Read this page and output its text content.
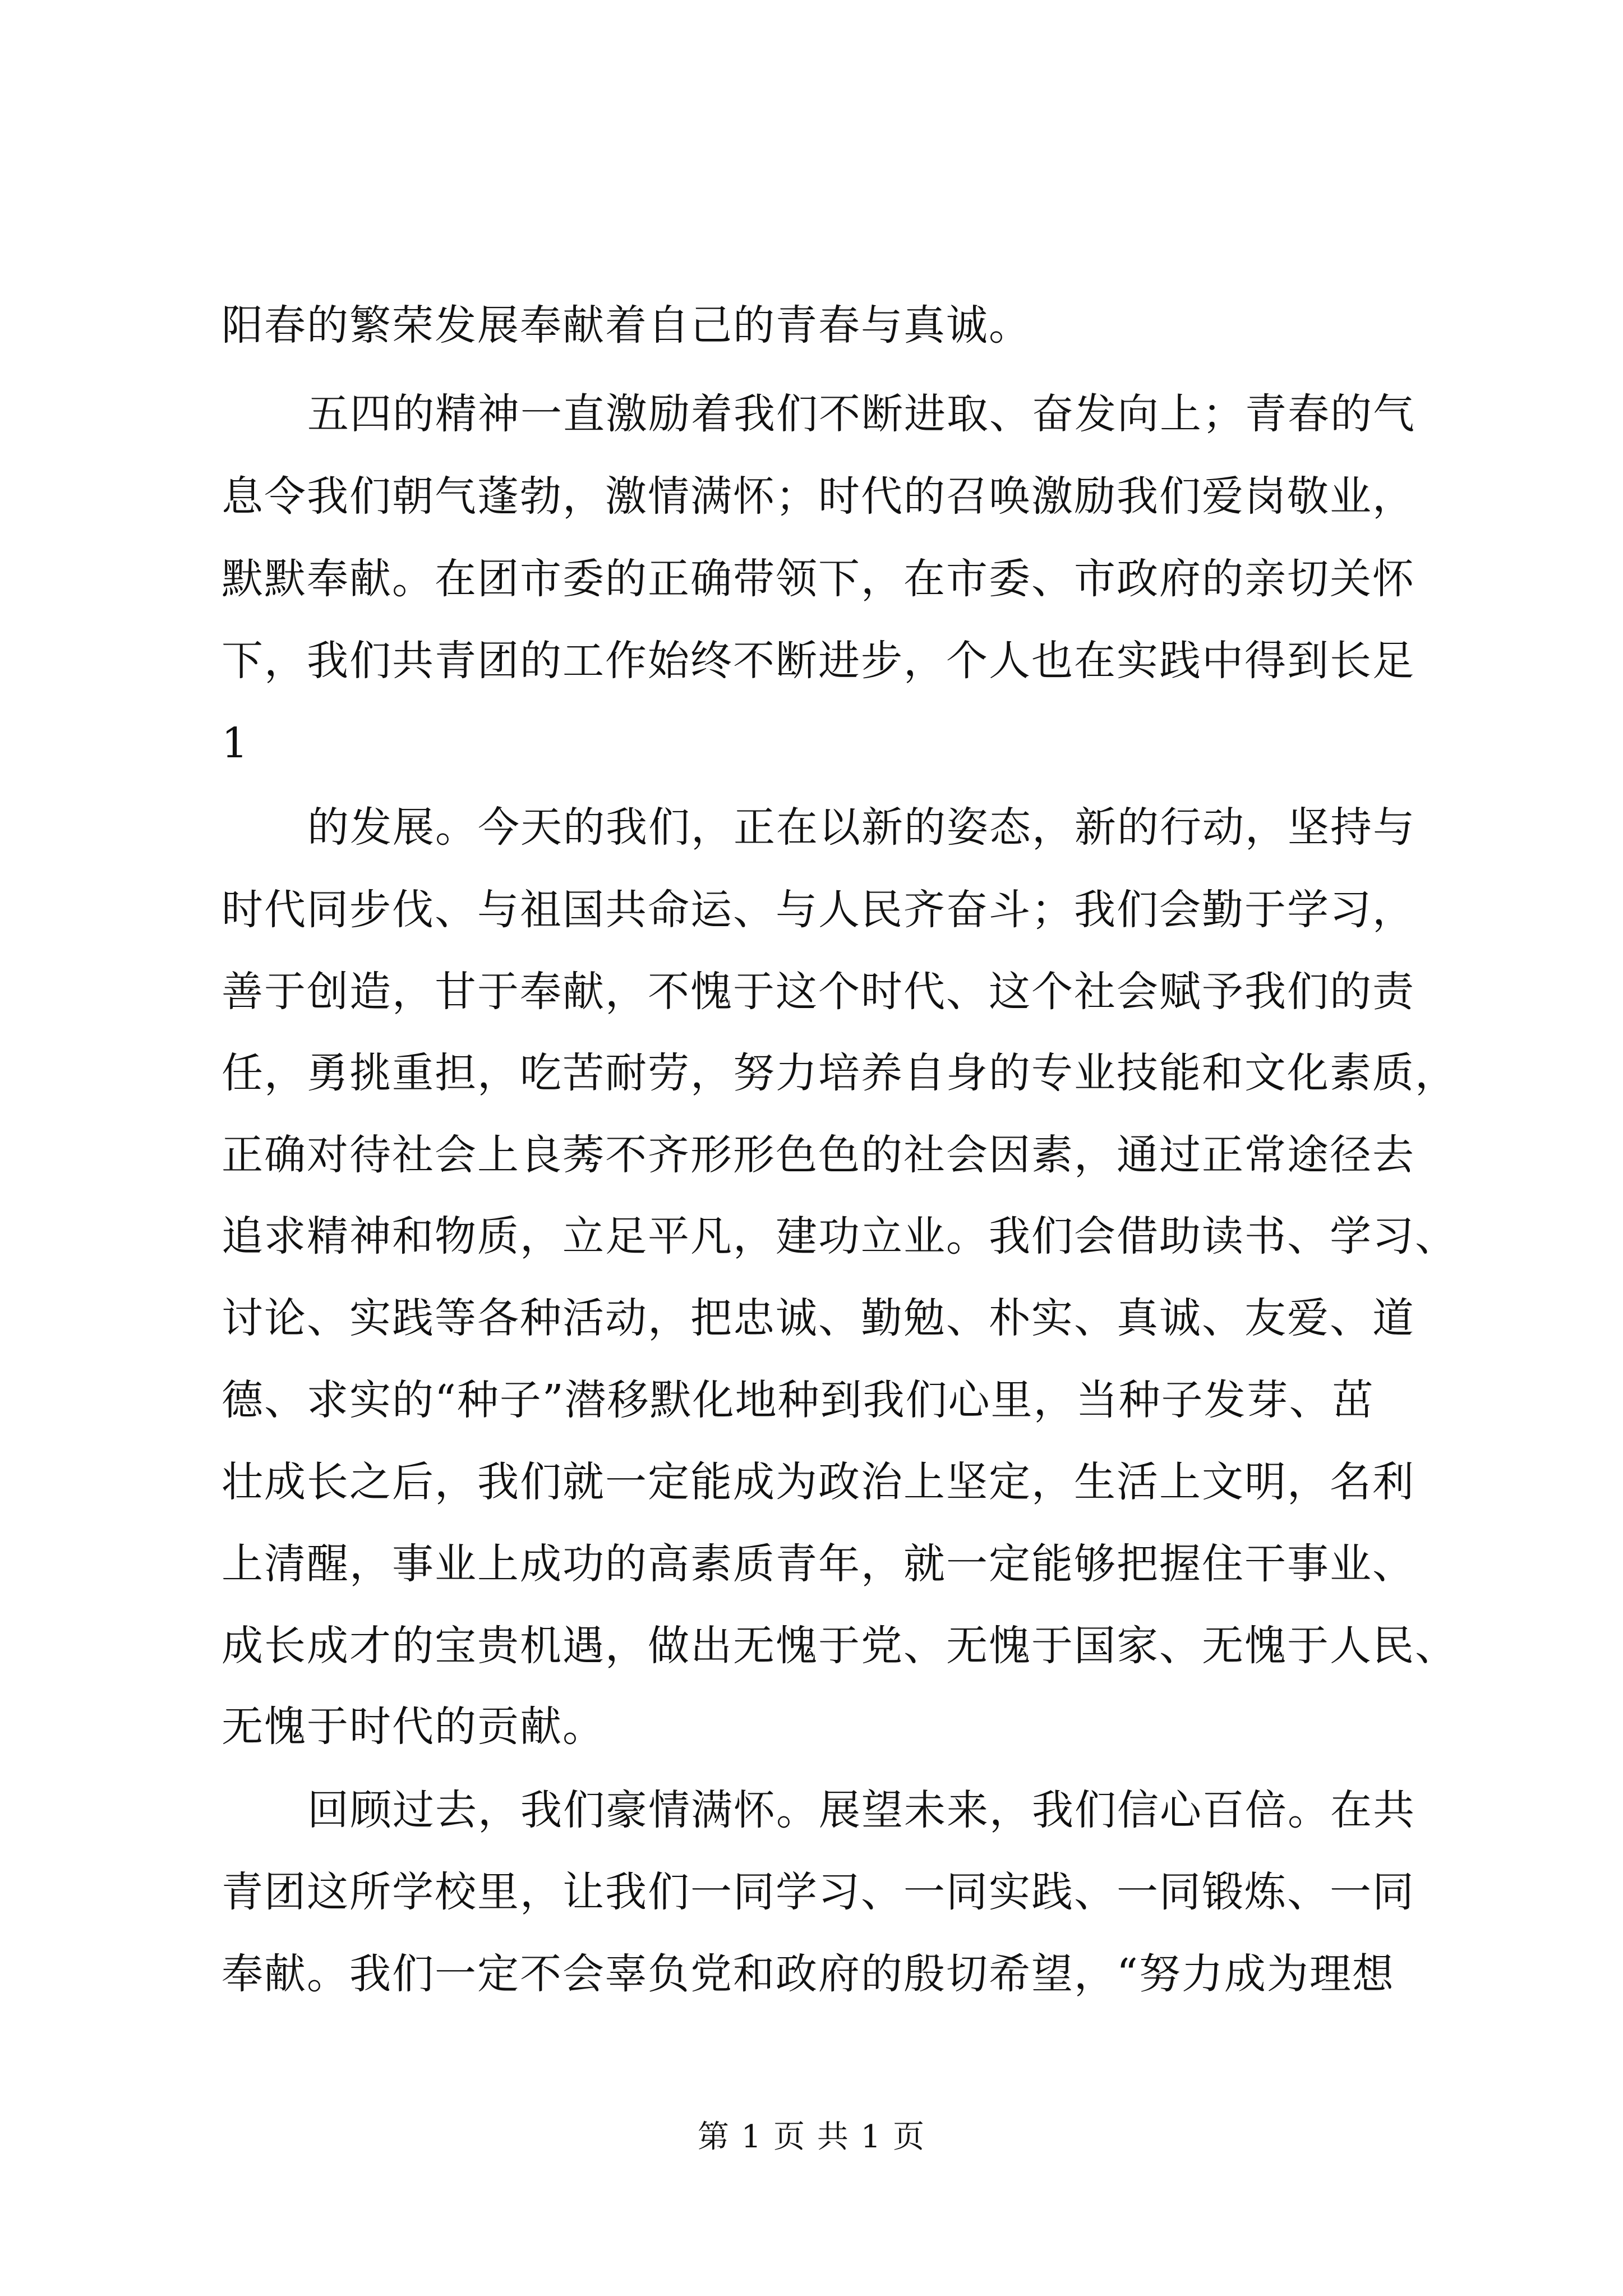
阳春的繁荣发展奉献着自己的青春与真诚。
五四的精神一直激励着我们不断进取、奋发向上；青春的气
息令我们朝气蓬勃，激情满怀；时代的召唤激励我们爱岗敬业，
默默奉献。在团市委的正确带领下，在市委、市政府的亲切关怀
下，我们共青团的工作始终不断进步，个人也在实践中得到长足
1
的发展。今天的我们，正在以新的姿态，新的行动，坚持与
时代同步伐、与祖国共命运、与人民齐奋斗；我们会勤于学习，
善于创造，甘于奉献，不愧于这个时代、这个社会赋予我们的责
任，勇挑重担，吃苦耐劳，努力培养自身的专业技能和文化素质，
正确对待社会上良莠不齐形形色色的社会因素，通过正常途径去
追求精神和物质，立足平凡，建功立业。我们会借助读书、学习、
讨论、实践等各种活动，把忠诚、勤勉、朴实、真诚、友爱、道
德、求实的“种子”潜移默化地种到我们心里，当种子发芽、茁
壮成长之后，我们就一定能成为政治上坚定，生活上文明，名利
上清醒，事业上成功的高素质青年，就一定能够把握住干事业、
成长成才的宝贵机遇，做出无愧于党、无愧于国家、无愧于人民、
无愧于时代的贡献。
回顾过去，我们豪情满怀。展望未来，我们信心百倍。在共
青团这所学校里，让我们一同学习、一同实践、一同锻炼、一同
奉献。我们一定不会辜负党和政府的殷切希望，“努力成为理想
第 1 页 共 1 页
